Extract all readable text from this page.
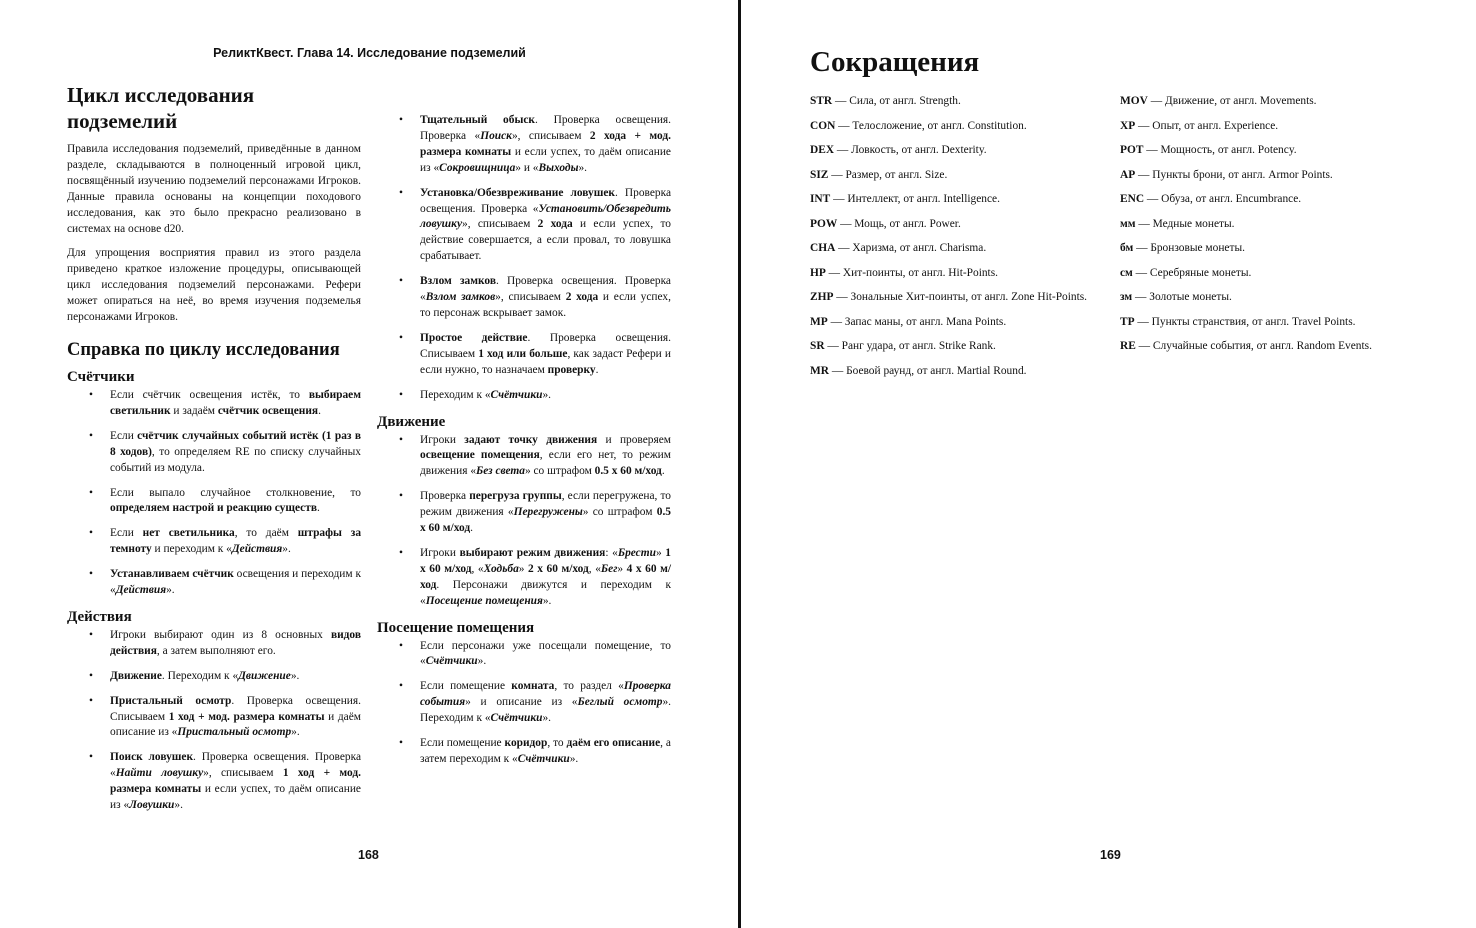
РеликтКвест. Глава 14. Исследование подземелий
Цикл исследования подземелий

Правила исследования подземелий, приведённые в данном разделе, складываются в полноценный игровой цикл, посвящённый изучению подземелий персонажами Игроков. Данные правила основаны на концепции походового исследования, как это было прекрасно реализовано в системах на основе d20.

Для упрощения восприятия правил из этого раздела приведено краткое изложение процедуры, описывающей цикл исследования подземелий персонажами. Рефери может опираться на неё, во время изучения подземелья персонажами Игроков.

Справка по циклу исследования
Счётчики
• Если счётчик освещения истёк, то выбираем светильник и задаём счётчик освещения.
• Если счётчик случайных событий истёк (1 раз в 8 ходов), то определяем RE по списку случайных событий из модула.
• Если выпало случайное столкновение, то определяем настрой и реакцию существ.
• Если нет светильника, то даём штрафы за темноту и переходим к «Действия».
• Устанавливаем счётчик освещения и переходим к «Действия».
Действия
• Игроки выбирают один из 8 основных видов действия, а затем выполняют его.
• Движение. Переходим к «Движение».
• Пристальный осмотр. Проверка освещения. Списываем 1 ход + мод. размера комнаты и даём описание из «Пристальный осмотр».
• Поиск ловушек. Проверка освещения. Проверка «Найти ловушку», списываем 1 ход + мод. размера комнаты и если успех, то даём описание из «Ловушки».
• Тщательный обыск. Проверка освещения. Проверка «Поиск», списываем 2 хода + мод. размера комнаты и если успех, то даём описание из «Сокровищница» и «Выходы».
• Установка/Обезвреживание ловушек. Проверка освещения. Проверка «Установить/Обезвредить ловушку», списываем 2 хода и если успех, то действие совершается, а если провал, то ловушка срабатывает.
• Взлом замков. Проверка освещения. Проверка «Взлом замков», списываем 2 хода и если успех, то персонаж вскрывает замок.
• Простое действие. Проверка освещения. Списываем 1 ход или больше, как задаст Рефери и если нужно, то назначаем проверку.
• Переходим к «Счётчики».
Движение
• Игроки задают точку движения и проверяем освещение помещения, если его нет, то режим движения «Без света» со штрафом 0.5 x 60 м/ход.
• Проверка перегруза группы, если перегружена, то режим движения «Перегружены» со штрафом 0.5 x 60 м/ход.
• Игроки выбирают режим движения: «Брести» 1 x 60 м/ход, «Ходьба» 2 x 60 м/ход, «Бег» 4 x 60 м/ход. Персонажи движутся и переходим к «Посещение помещения».
Посещение помещения
• Если персонажи уже посещали помещение, то «Счётчики».
• Если помещение комната, то раздел «Проверка события» и описание из «Беглый осмотр». Переходим к «Счётчики».
• Если помещение коридор, то даём его описание, а затем переходим к «Счётчики».
168
Сокращения
STR — Сила, от англ. Strength.
CON — Телосложение, от англ. Constitution.
DEX — Ловкость, от англ. Dexterity.
SIZ — Размер, от англ. Size.
INT — Интеллект, от англ. Intelligence.
POW — Мощь, от англ. Power.
CHA — Харизма, от англ. Charisma.
HP — Хит-поинты, от англ. Hit-Points.
ZHP — Зональные Хит-поинты, от англ. Zone Hit-Points.
MP — Запас маны, от англ. Mana Points.
SR — Ранг удара, от англ. Strike Rank.
MR — Боевой раунд, от англ. Martial Round.
MOV — Движение, от англ. Movements.
XP — Опыт, от англ. Experience.
POT — Мощность, от англ. Potency.
AP — Пункты брони, от англ. Armor Points.
ENC — Обуза, от англ. Encumbrance.
мм — Медные монеты.
бм — Бронзовые монеты.
см — Серебряные монеты.
зм — Золотые монеты.
TP — Пункты странствия, от англ. Travel Points.
RE — Случайные события, от англ. Random Events.
169
